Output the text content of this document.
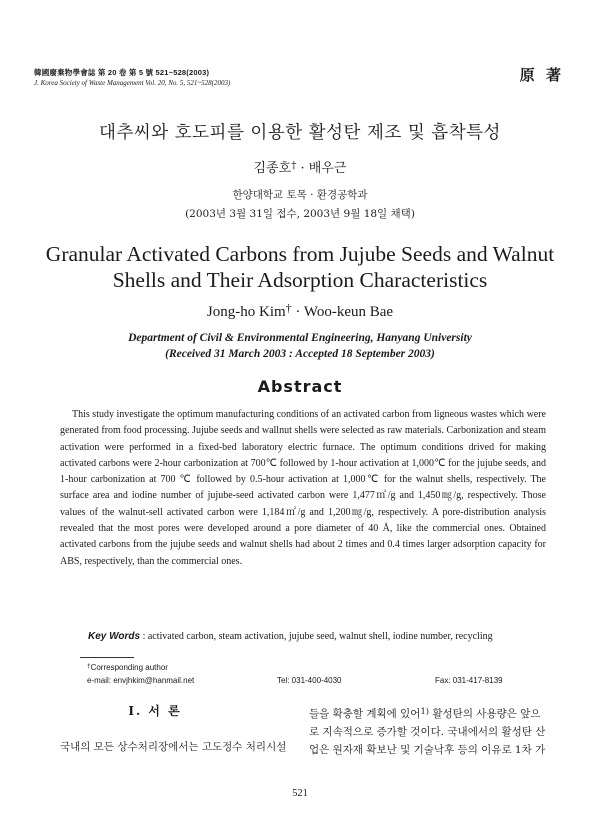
韓國廢棄物學會誌 第 20 卷 第 5 號 521~528(2003)
J. Korea Society of Waste Management Vol. 20, No. 5, 521~528(2003)	原 著
대추씨와 호도피를 이용한 활성탄 제조 및 흡착특성
김종호† · 배우근
한양대학교 토목 · 환경공학과
(2003년 3월 31일 접수, 2003년 9월 18일 채택)
Granular Activated Carbons from Jujube Seeds and Walnut
Shells and Their Adsorption Characteristics
Jong-ho Kim† · Woo-keun Bae
Department of Civil & Environmental Engineering, Hanyang University
(Received 31 March 2003 : Accepted 18 September 2003)
Abstract

This study investigate the optimum manufacturing conditions of an activated carbon from ligneous wastes which were generated from food processing. Jujube seeds and wallnut shells were selected as raw materials. Carbonization and steam activation were performed in a fixed-bed laboratory electric furnace. The optimum conditions drived for making activated carbons were 2-hour carbonization at 700℃ followed by 1-hour activation at 1,000℃ for the jujube seeds, and 1-hour carbonization at 700 ℃ followed by 0.5-hour activation at 1,000℃ for the walnut shells, respectively. The surface area and iodine number of jujube-seed activated carbon were 1,477㎡/g and 1,450㎎/g, respectively. Those values of the walnut-sell activated carbon were 1,184㎡/g and 1,200㎎/g, respectively. A pore-distribution analysis revealed that the most pores were developed around a pore diameter of 40 Å, like the commercial ones. Obtained activated carbons from the jujube seeds and walnut shells had about 2 times and 0.4 times larger adsorption capacity for ABS, respectively, than the commercial ones.

Key Words : activated carbon, steam activation, jujube seed, walnut shell, iodine number, recycling
†Corresponding author
e-mail: envjhkim@hanmail.net	Tel: 031-400-4030	Fax: 031-417-8139
Ⅰ. 서 론
국내의 모든 상수처리장에서는 고도정수 처리시설
들을 확충할 계획에 있어$^{1)}$ 활성탄의 사용량은 앞으
로 지속적으로 증가할 것이다. 국내에서의 활성탄 산
업은 원자재 확보난 및 기술낙후 등의 이유로 1차 가
521
